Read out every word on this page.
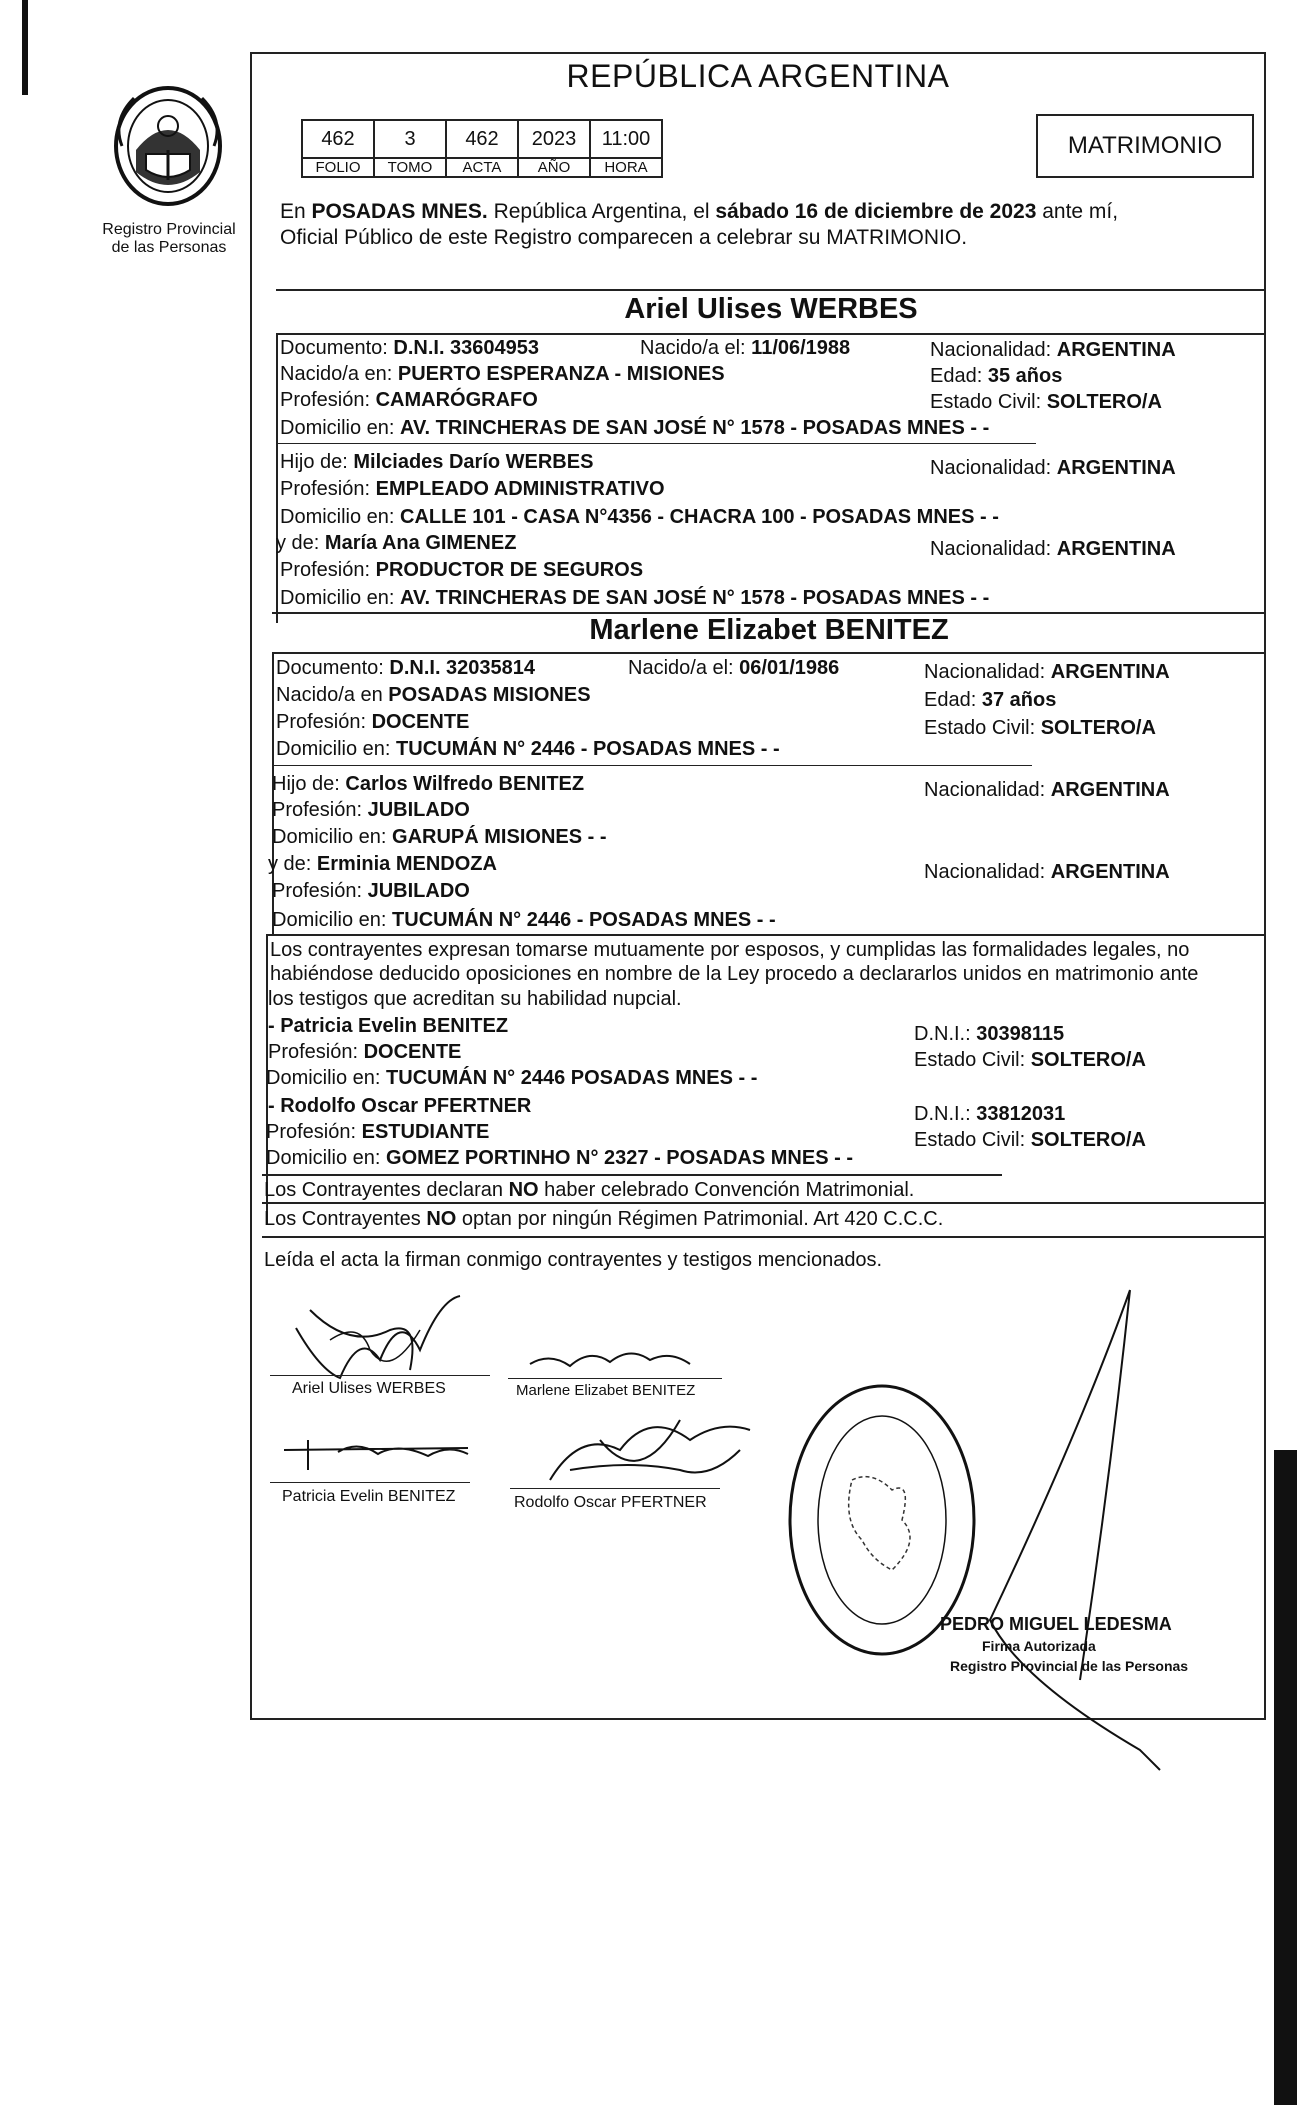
Registro Provincial
de las Personas
REPÚBLICA ARGENTINA
462	3	462	2023	11:00
FOLIO	TOMO	ACTA	AÑO	HORA
MATRIMONIO
En POSADAS MNES. República Argentina, el sábado 16 de diciembre de 2023 ante mí,
Oficial Público de este Registro comparecen a celebrar su MATRIMONIO.
Ariel Ulises WERBES
Documento: D.N.I. 33604953	Nacido/a el: 11/06/1988	Nacionalidad: ARGENTINA
Nacido/a en: PUERTO ESPERANZA - MISIONES	Edad: 35 años
Profesión: CAMARÓGRAFO	Estado Civil: SOLTERO/A
Domicilio en: AV. TRINCHERAS DE SAN JOSÉ N° 1578 - POSADAS MNES - -
Hijo de: Milciades Darío WERBES	Nacionalidad: ARGENTINA
Profesión: EMPLEADO ADMINISTRATIVO
Domicilio en: CALLE 101 - CASA N°4356 - CHACRA 100 - POSADAS MNES - -
y de: María Ana GIMENEZ	Nacionalidad: ARGENTINA
Profesión: PRODUCTOR DE SEGUROS
Domicilio en: AV. TRINCHERAS DE SAN JOSÉ N° 1578 - POSADAS MNES - -
Marlene Elizabet BENITEZ
Documento: D.N.I. 32035814	Nacido/a el: 06/01/1986	Nacionalidad: ARGENTINA
Nacido/a en POSADAS MISIONES	Edad: 37 años
Profesión: DOCENTE	Estado Civil: SOLTERO/A
Domicilio en: TUCUMÁN N° 2446 - POSADAS MNES - -
Hijo de: Carlos Wilfredo BENITEZ	Nacionalidad: ARGENTINA
Profesión: JUBILADO
Domicilio en: GARUPÁ MISIONES - -
y de: Erminia MENDOZA	Nacionalidad: ARGENTINA
Profesión: JUBILADO
Domicilio en: TUCUMÁN N° 2446 - POSADAS MNES - -
Los contrayentes expresan tomarse mutuamente por esposos, y cumplidas las formalidades legales, no
habiéndose deducido oposiciones en nombre de la Ley procedo a declararlos unidos en matrimonio ante
los testigos que acreditan su habilidad nupcial.
- Patricia Evelin BENITEZ	D.N.I.: 30398115
Profesión: DOCENTE	Estado Civil: SOLTERO/A
Domicilio en: TUCUMÁN N° 2446 POSADAS MNES - -
- Rodolfo Oscar PFERTNER	D.N.I.: 33812031
Profesión: ESTUDIANTE	Estado Civil: SOLTERO/A
Domicilio en: GOMEZ PORTINHO N° 2327 - POSADAS MNES - -
Los Contrayentes declaran NO haber celebrado Convención Matrimonial.
Los Contrayentes NO optan por ningún Régimen Patrimonial. Art 420 C.C.C.
Leída el acta la firman conmigo contrayentes y testigos mencionados.
Ariel Ulises WERBES	Marlene Elizabet BENITEZ
Patricia Evelin BENITEZ	Rodolfo Oscar PFERTNER
PEDRO MIGUEL LEDESMA
Firma Autorizada
Registro Provincial de las Personas
